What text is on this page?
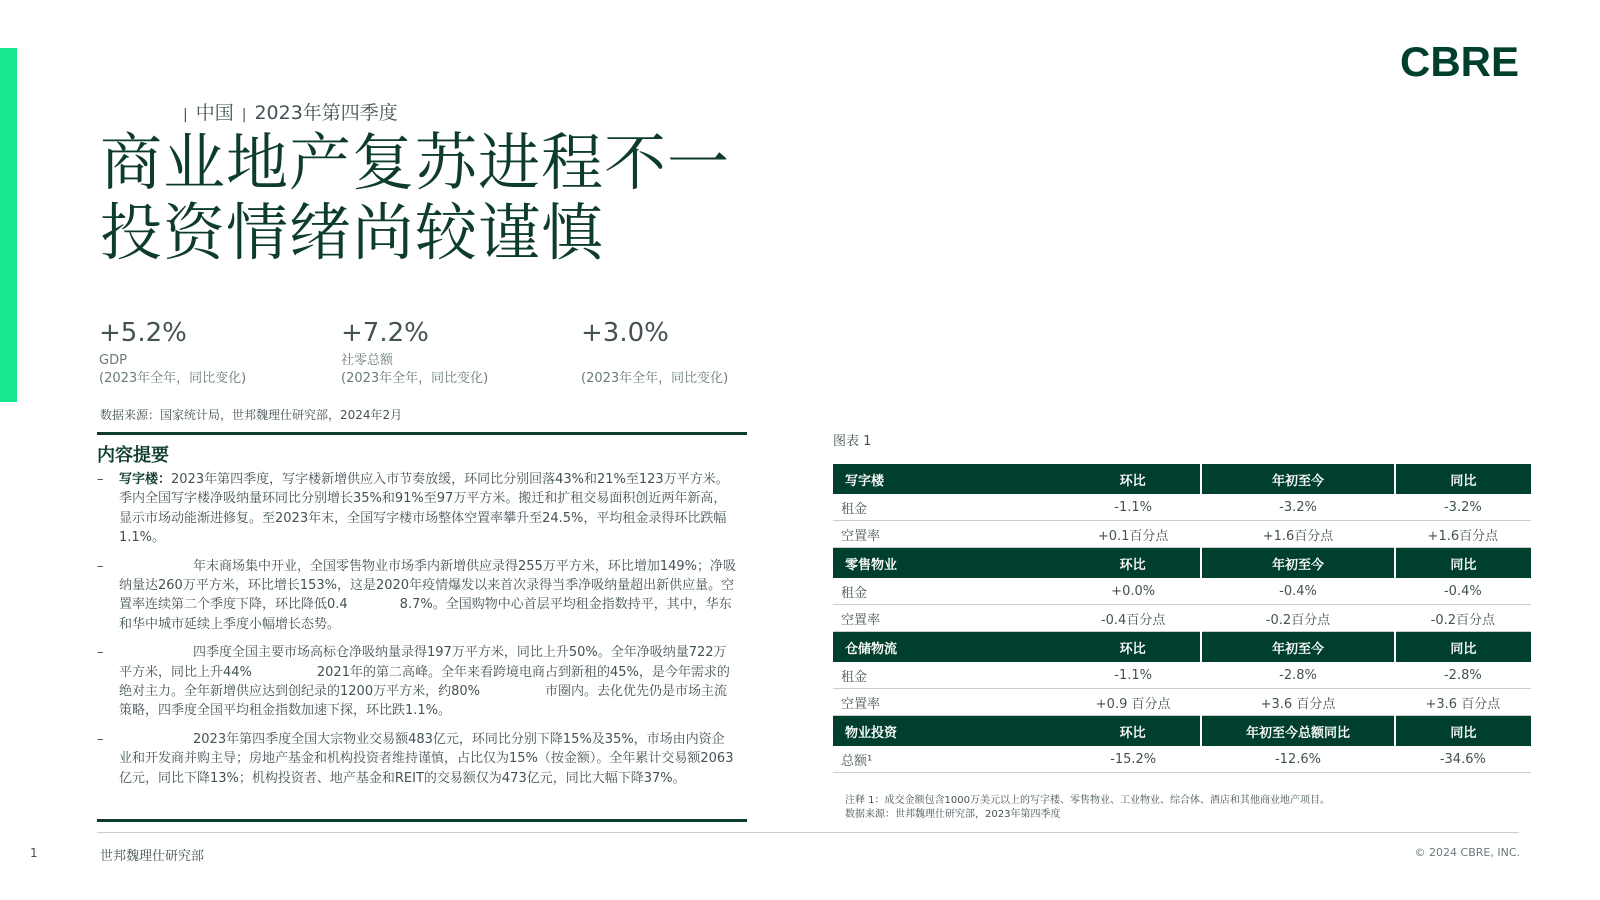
CBRE
| 中国 | 2023年第四季度
商业地产复苏进程不一
投资情绪尚较谨慎
+5.2%
GDP
(2023年全年，同比变化)
+7.2%
社零总额
(2023年全年，同比变化)
+3.0%
(2023年全年，同比变化)
数据来源：国家统计局，世邦魏理仕研究部，2024年2月
内容提要
– 写字楼：2023年第四季度，写字楼新增供应入市节奏放缓，环同比分别回落43%和21%至123万平方米。季内全国写字楼净吸纳量环同比分别增长35%和91%至97万平方米。搬迁和扩租交易面积创近两年新高，显示市场动能渐进修复。至2023年末，全国写字楼市场整体空置率攀升至24.5%，平均租金录得环比跌幅1.1%。
–	年末商场集中开业，全国零售物业市场季内新增供应录得255万平方米，环比增加149%；净吸纳量达260万平方米，环比增长153%，这是2020年疫情爆发以来首次录得当季净吸纳量超出新供应量。空置率连续第二个季度下降，环比降低0.4　　　　8.7%。全国购物中心首层平均租金指数持平，其中，华东和华中城市延续上季度小幅增长态势。
–	四季度全国主要市场高标仓净吸纳量录得197万平方米，同比上升50%。全年净吸纳量722万平方米，同比上升44%　　　　　2021年的第二高峰。全年来看跨境电商占到新租的45%，是今年需求的绝对主力。全年新增供应达到创纪录的1200万平方米，约80%　　　　　市圈内。去化优先仍是市场主流策略，四季度全国平均租金指数加速下探，环比跌1.1%。
–	2023年第四季度全国大宗物业交易额483亿元，环同比分别下降15%及35%，市场由内资企业和开发商并购主导；房地产基金和机构投资者维持谨慎，占比仅为15%（按金额）。全年累计交易额2063亿元，同比下降13%；机构投资者、地产基金和REIT的交易额仅为473亿元，同比大幅下降37%。
图表 1
写字楼	环比	年初至今	同比
租金	-1.1%	-3.2%	-3.2%
空置率	+0.1百分点	+1.6百分点	+1.6百分点
零售物业	环比	年初至今	同比
租金	+0.0%	-0.4%	-0.4%
空置率	-0.4百分点	-0.2百分点	-0.2百分点
仓储物流	环比	年初至今	同比
租金	-1.1%	-2.8%	-2.8%
空置率	+0.9 百分点	+3.6 百分点	+3.6 百分点
物业投资	环比	年初至今总额同比	同比
总额¹	-15.2%	-12.6%	-34.6%
注释 1：成交金额包含1000万美元以上的写字楼、零售物业、工业物业、综合体、酒店和其他商业地产项目。
数据来源：世邦魏理仕研究部，2023年第四季度
1	世邦魏理仕研究部	© 2024 CBRE, INC.
